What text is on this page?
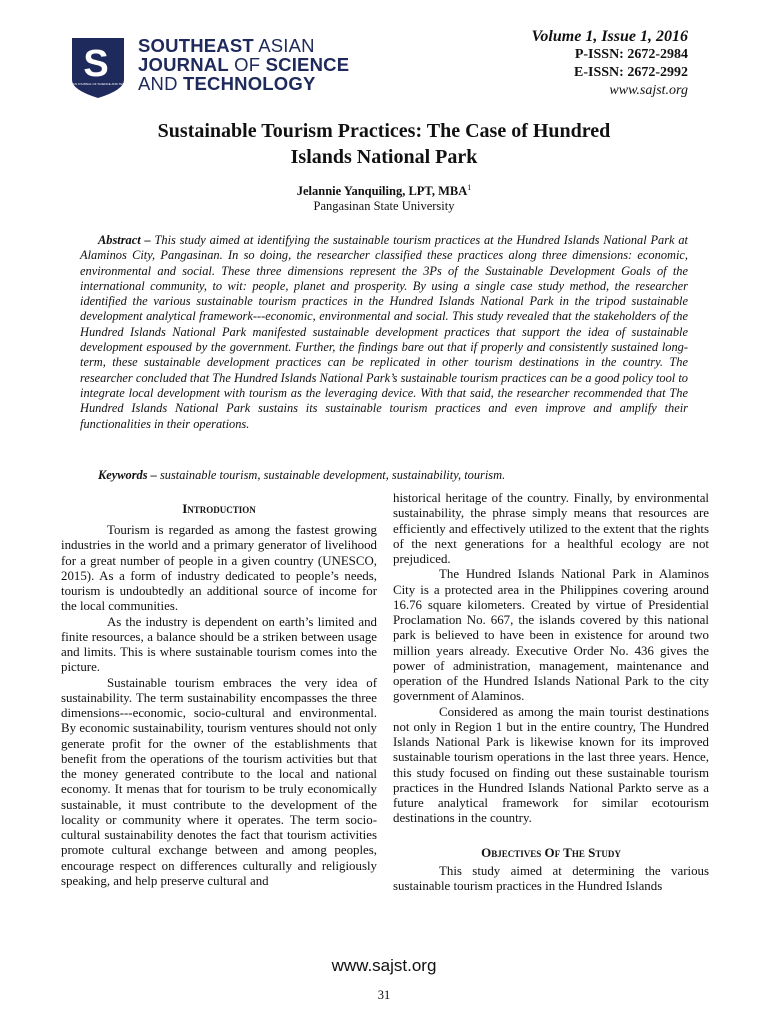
S
SOUTHEAST ASIAN JOURNAL OF SCIENCE AND TECHNOLOGY 2016
SOUTHEAST ASIAN
JOURNAL OF SCIENCE
AND TECHNOLOGY
Volume 1, Issue 1, 2016
P-ISSN: 2672-2984
E-ISSN: 2672-2992
www.sajst.org
Sustainable Tourism Practices: The Case of Hundred
Islands National Park
Jelannie Yanquiling, LPT, MBA$^1$
Pangasinan State University
Abstract – This study aimed at identifying the sustainable tourism practices at the Hundred Islands National Park at Alaminos City, Pangasinan. In so doing, the researcher classified these practices along three dimensions: economic, environmental and social. These three dimensions represent the 3Ps of the Sustainable Development Goals of the international community, to wit: people, planet and prosperity. By using a single case study method, the researcher identified the various sustainable tourism practices in the Hundred Islands National Park in the tripod sustainable development analytical framework---economic, environmental and social. This study revealed that the stakeholders of the Hundred Islands National Park manifested sustainable development practices that support the idea of sustainable development espoused by the government. Further, the findings bare out that if properly and consistently sustained long-term, these sustainable development practices can be replicated in other tourism destinations in the country. The researcher concluded that The Hundred Islands National Park’s sustainable tourism practices can be a good policy tool to integrate local development with tourism as the leveraging device. With that said, the researcher recommended that The Hundred Islands National Park sustains its sustainable tourism practices and even improve and amplify their functionalities in their operations.
Keywords – sustainable tourism, sustainable development, sustainability, tourism.

Introduction

Tourism is regarded as among the fastest growing industries in the world and a primary generator of livelihood for a great number of people in a given country (UNESCO, 2015). As a form of industry dedicated to people’s needs, tourism is undoubtedly an additional source of income for the local communities.

As the industry is dependent on earth’s limited and finite resources, a balance should be a striken between usage and limits. This is where sustainable tourism comes into the picture.

Sustainable tourism embraces the very idea of sustainability. The term sustainability encompasses the three dimensions---economic, socio-cultural and environmental. By economic sustainability, tourism ventures should not only generate profit for the owner of the establishments that benefit from the operations of the tourism activities but that the money generated contribute to the local and national economy. It menas that for tourism to be truly economically sustainable, it must contribute to the development of the locality or community where it operates. The term socio-cultural sustainability denotes the fact that tourism activities promote cultural exchange between and among peoples, encourage respect on differences culturally and religiously speaking, and help preserve cultural and

historical heritage of the country. Finally, by environmental sustainability, the phrase simply means that resources are efficiently and effectively utilized to the extent that the rights of the next generations for a healthful ecology are not prejudiced.

The Hundred Islands National Park in Alaminos City is a protected area in the Philippines covering around 16.76 square kilometers. Created by virtue of Presidential Proclamation No. 667, the islands covered by this national park is believed to have been in existence for around two million years already. Executive Order No. 436 gives the power of administration, management, maintenance and operation of the Hundred Islands National Park to the city government of Alaminos.

Considered as among the main tourist destinations not only in Region 1 but in the entire country, The Hundred Islands National Park is likewise known for its improved sustainable tourism operations in the last three years. Hence, this study focused on finding out these sustainable tourism practices in the Hundred Islands National Parkto serve as a future analytical framework for similar ecotourism destinations in the country.

Objectives Of The Study

This study aimed at determining the various sustainable tourism practices in the Hundred Islands

www.sajst.org
31
